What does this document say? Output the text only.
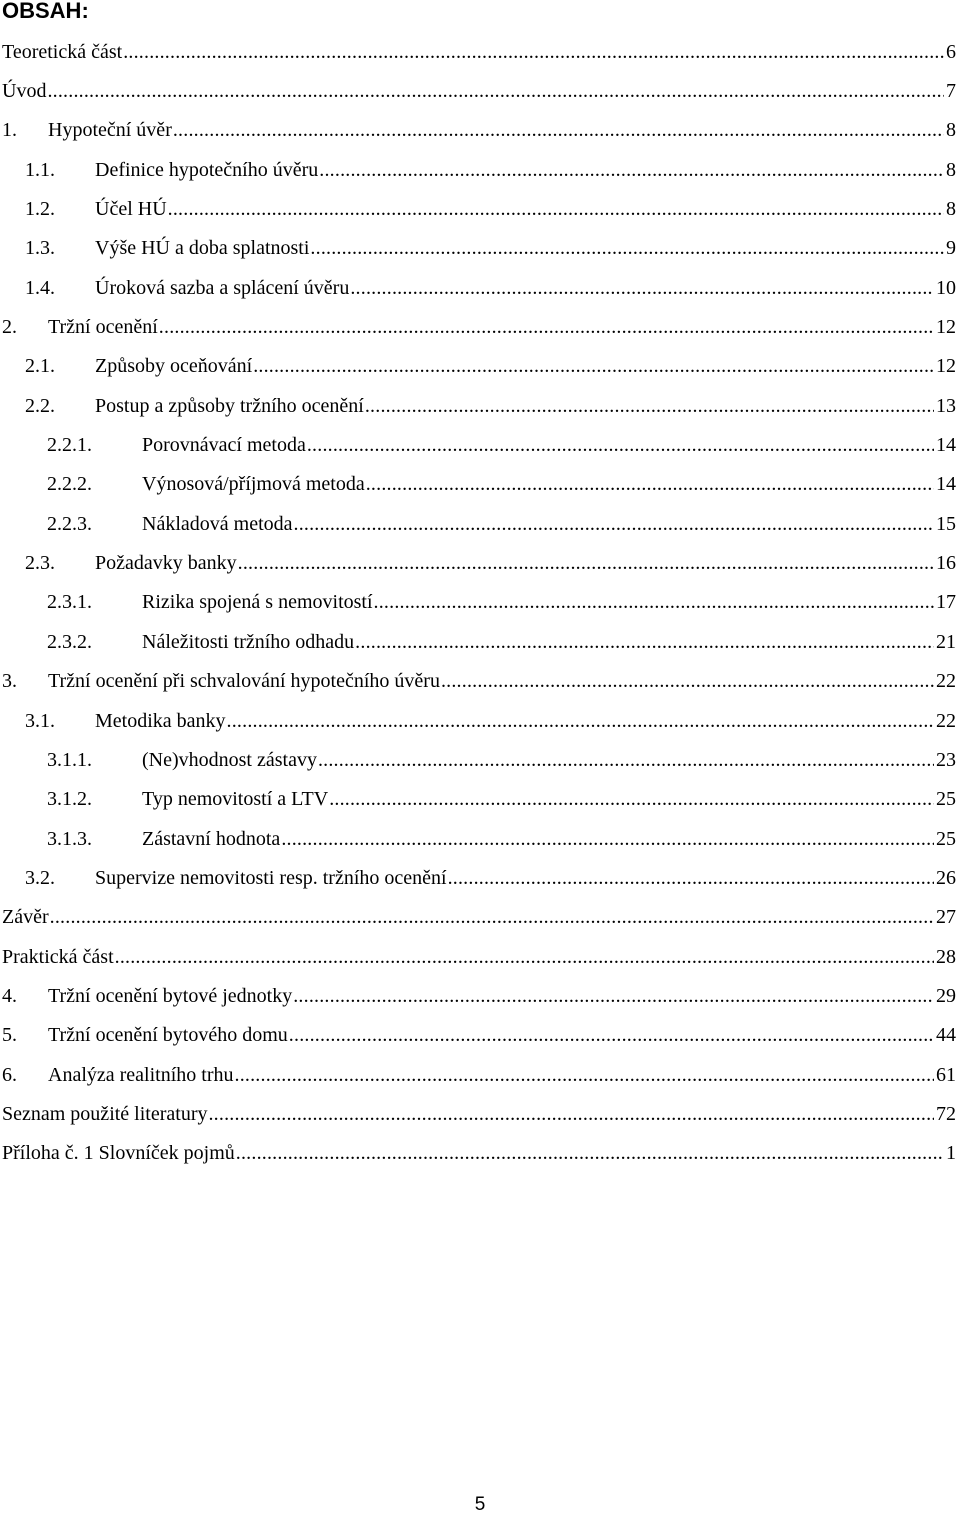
OBSAH:
Teoretická část .....	6
Úvod .....	7
1. Hypoteční úvěr .....	8
1.1. Definice hypotečního úvěru .....	8
1.2. Účel HÚ .....	8
1.3. Výše HÚ a doba splatnosti .....	9
1.4. Úroková sazba a splácení úvěru .....	10
2. Tržní ocenění .....	12
2.1. Způsoby oceňování .....	12
2.2. Postup a způsoby tržního ocenění .....	13
2.2.1.	Porovnávací metoda .....	14
2.2.2.	Výnosová/příjmová metoda .....	14
2.2.3.	Nákladová metoda .....	15
2.3. Požadavky banky .....	16
2.3.1.	Rizika spojená s nemovitostí .....	17
2.3.2.	Náležitosti tržního odhadu .....	21
3. Tržní ocenění při schvalování hypotečního úvěru .....	22
3.1. Metodika banky .....	22
3.1.1.	(Ne)vhodnost zástavy .....	23
3.1.2.	Typ nemovitostí a LTV .....	25
3.1.3.	Zástavní hodnota .....	25
3.2. Supervize nemovitosti resp. tržního ocenění .....	26
Závěr .....	27
Praktická část .....	28
4. Tržní ocenění bytové jednotky .....	29
5. Tržní ocenění bytového domu .....	44
6. Analýza realitního trhu .....	61
Seznam použité literatury .....	72
Příloha č. 1 Slovníček pojmů .....	1
5
